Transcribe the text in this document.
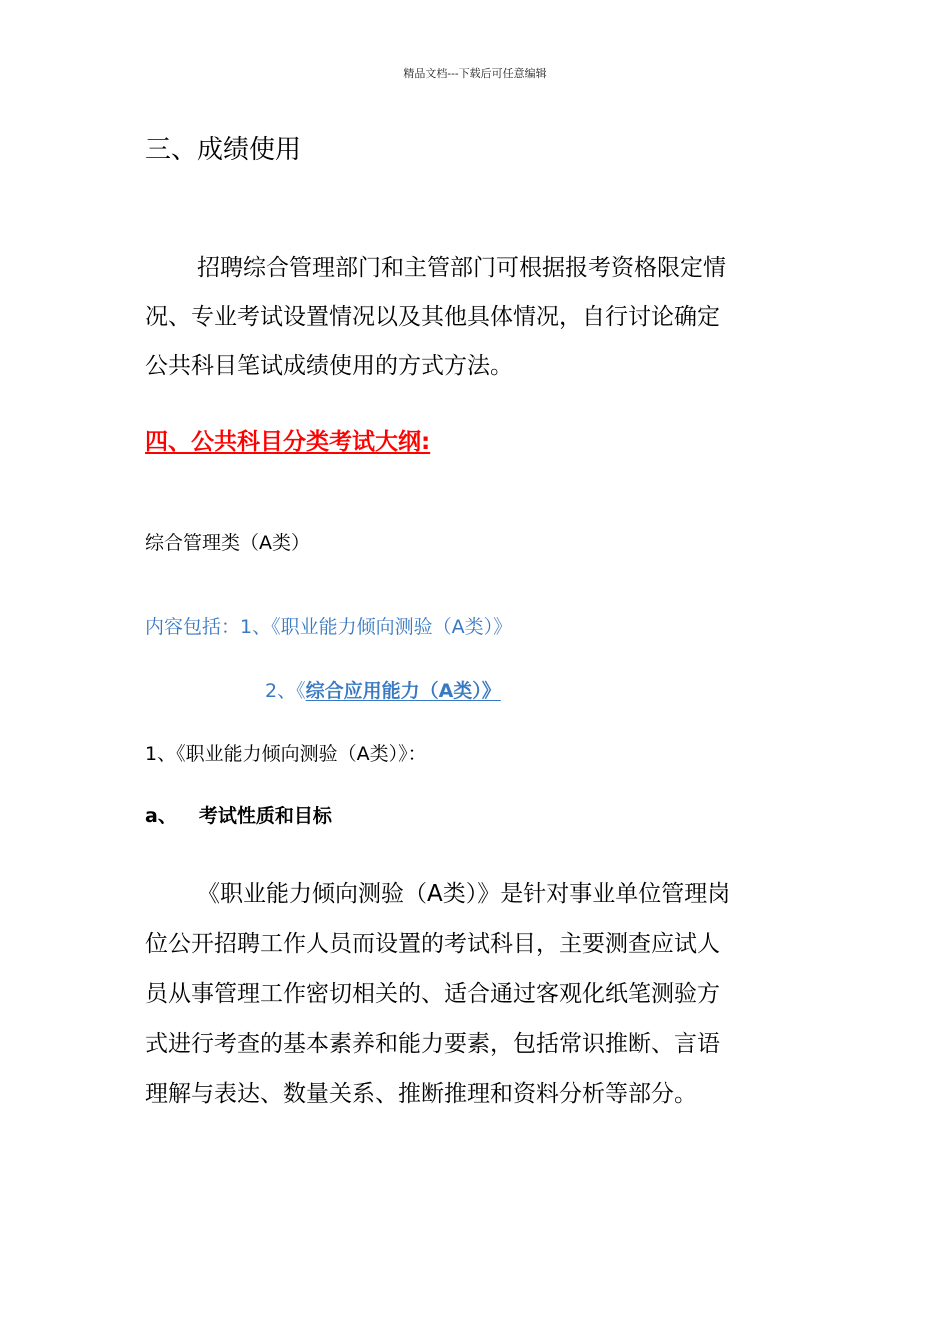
精品文档---下载后可任意编辑
三、成绩使用
招聘综合管理部门和主管部门可根据报考资格限定情
况、专业考试设置情况以及其他具体情况，自行讨论确定
公共科目笔试成绩使用的方式方法。
四、公共科目分类考试大纲:
综合管理类（A类）
内容包括：1、《职业能力倾向测验（A类）》
2、《综合应用能力（A类）》
1、《职业能力倾向测验（A类）》：
a、 考试性质和目标
《职业能力倾向测验（A类）》是针对事业单位管理岗
位公开招聘工作人员而设置的考试科目，主要测查应试人
员从事管理工作密切相关的、适合通过客观化纸笔测验方
式进行考查的基本素养和能力要素，包括常识推断、言语
理解与表达、数量关系、推断推理和资料分析等部分。
